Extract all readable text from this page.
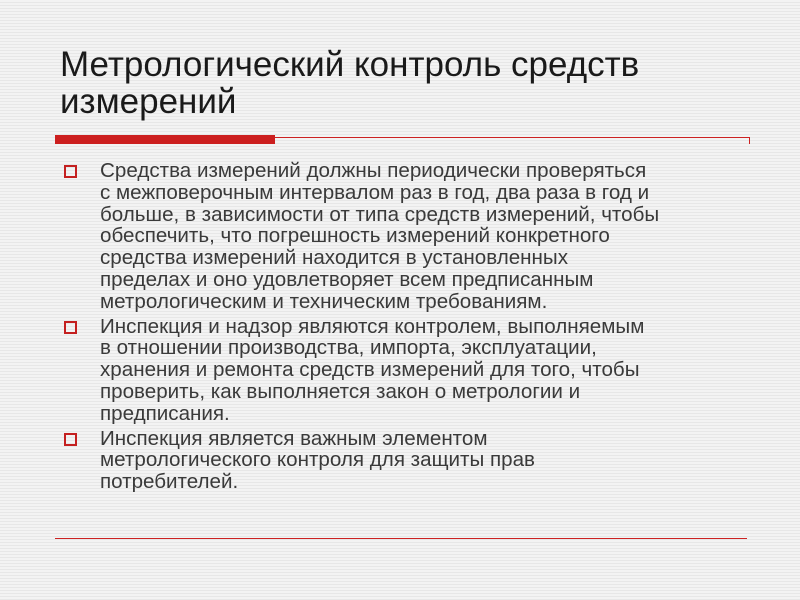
Метрологический контроль средств
измерений
Средства измерений должны периодически проверяться
с межповерочным интервалом раз в год, два раза в год и
больше, в зависимости от типа средств измерений, чтобы
обеспечить, что погрешность измерений конкретного
средства измерений находится в установленных
пределах и оно удовлетворяет всем предписанным
метрологическим и техническим требованиям.
Инспекция и надзор являются контролем, выполняемым
в отношении производства, импорта, эксплуатации,
хранения и ремонта средств измерений для того, чтобы
проверить, как выполняется закон о метрологии и
предписания.
Инспекция является важным элементом
метрологического контроля для защиты прав
потребителей.
